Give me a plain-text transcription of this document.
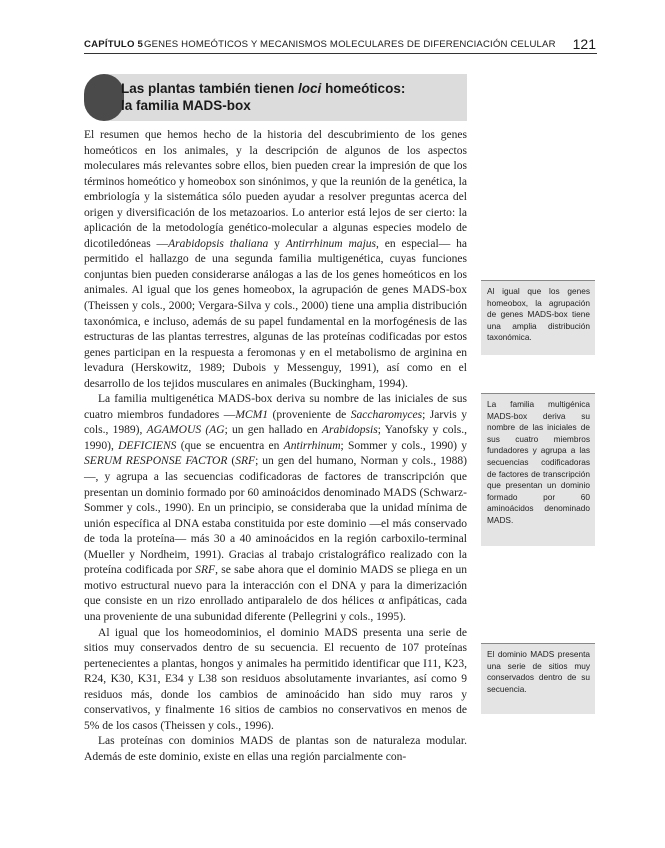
CAPÍTULO 5 GENES HOMEÓTICOS Y MECANISMOS MOLECULARES DE DIFERENCIACIÓN CELULAR 121
Las plantas también tienen loci homeóticos:
la familia MADS-box

El resumen que hemos hecho de la historia del descubrimiento de los genes homeóticos en los animales, y la descripción de algunos de los aspectos moleculares más relevantes sobre ellos, bien pueden crear la impresión de que los términos homeótico y homeobox son sinónimos, y que la reunión de la genética, la embriología y la sistemática sólo pueden ayudar a resolver preguntas acerca del origen y diversificación de los metazoarios. Lo anterior está lejos de ser cierto: la aplicación de la metodología genético-molecular a algunas especies modelo de dicotiledóneas —Arabidopsis thaliana y Antirrhinum majus, en especial— ha permitido el hallazgo de una segunda familia multigenética, cuyas funciones conjuntas bien pueden considerarse análogas a las de los genes homeóticos en los animales. Al igual que los genes homeobox, la agrupación de genes MADS-box (Theissen y cols., 2000; Vergara-Silva y cols., 2000) tiene una amplia distribución taxonómica, e incluso, además de su papel fundamental en la morfogénesis de las estructuras de las plantas terrestres, algunas de las proteínas codificadas por estos genes participan en la respuesta a feromonas y en el metabolismo de arginina en levadura (Herskowitz, 1989; Dubois y Messenguy, 1991), así como en el desarrollo de los tejidos musculares en animales (Buckingham, 1994).

La familia multigenética MADS-box deriva su nombre de las iniciales de sus cuatro miembros fundadores —MCM1 (proveniente de Saccharomyces; Jarvis y cols., 1989), AGAMOUS (AG; un gen hallado en Arabidopsis; Yanofsky y cols., 1990), DEFICIENS (que se encuentra en Antirrhinum; Sommer y cols., 1990) y SERUM RESPONSE FACTOR (SRF; un gen del humano, Norman y cols., 1988)—, y agrupa a las secuencias codificadoras de factores de transcripción que presentan un dominio formado por 60 aminoácidos denominado MADS (Schwarz-Sommer y cols., 1990). En un principio, se consideraba que la unidad mínima de unión específica al DNA estaba constituida por este dominio —el más conservado de toda la proteína— más 30 a 40 aminoácidos en la región carboxilo-terminal (Mueller y Nordheim, 1991). Gracias al trabajo cristalográfico realizado con la proteína codificada por SRF, se sabe ahora que el dominio MADS se pliega en un motivo estructural nuevo para la interacción con el DNA y para la dimerización que consiste en un rizo enrollado antiparalelo de dos hélices α anfipáticas, cada una proveniente de una subunidad diferente (Pellegrini y cols., 1995).

Al igual que los homeodominios, el dominio MADS presenta una serie de sitios muy conservados dentro de su secuencia. El recuento de 107 proteínas pertenecientes a plantas, hongos y animales ha permitido identificar que I11, K23, R24, K30, K31, E34 y L38 son residuos absolutamente invariantes, así como 9 residuos más, donde los cambios de aminoácido han sido muy raros y conservativos, y finalmente 16 sitios de cambios no conservativos en menos de 5% de los casos (Theissen y cols., 1996).

Las proteínas con dominios MADS de plantas son de naturaleza modular. Además de este dominio, existe en ellas una región parcialmente con-

Al igual que los genes homeobox, la agrupación de genes MADS-box tiene una amplia distribución taxonómica.

La familia multigénica MADS-box deriva su nombre de las iniciales de sus cuatro miembros fundadores y agrupa a las secuencias codificadoras de factores de transcripción que presentan un dominio formado por 60 aminoácidos denominado MADS.

El dominio MADS presenta una serie de sitios muy conservados dentro de su secuencia.
